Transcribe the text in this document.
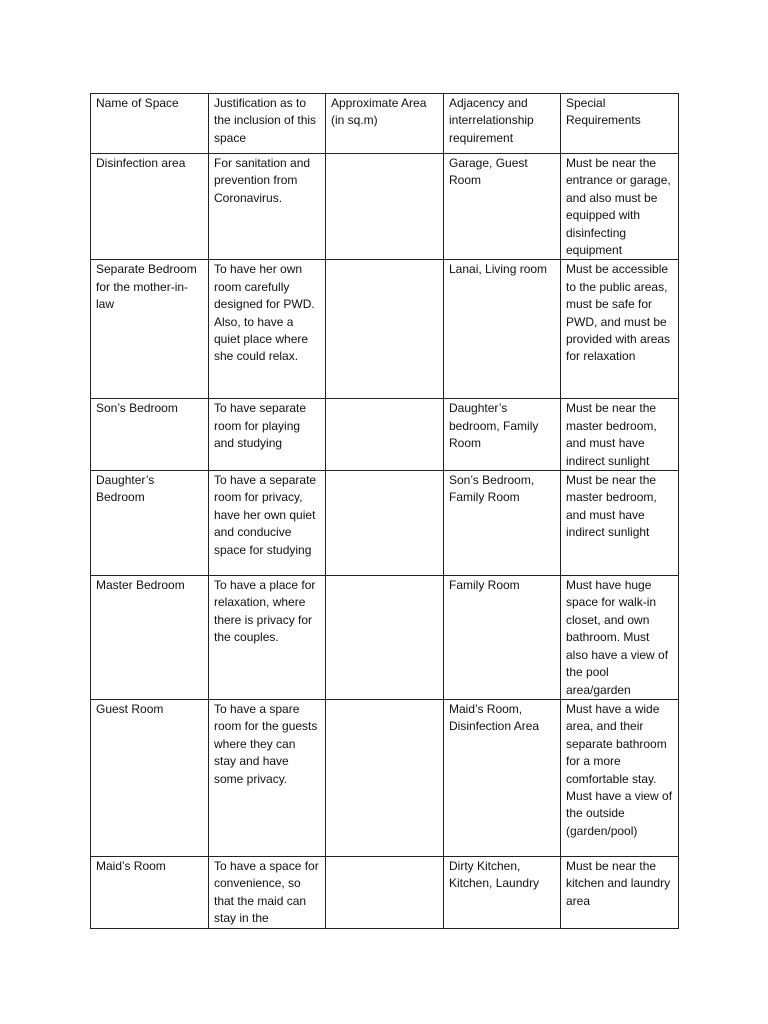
Name of Space	Justification as to the inclusion of this space	Approximate Area (in sq.m)	Adjacency and interrelationship requirement	Special Requirements
Disinfection area	For sanitation and prevention from Coronavirus.		Garage, Guest Room	Must be near the entrance or garage, and also must be equipped with disinfecting equipment
Separate Bedroom for the mother-in-law	To have her own room carefully designed for PWD. Also, to have a quiet place where she could relax.		Lanai, Living room	Must be accessible to the public areas, must be safe for PWD, and must be provided with areas for relaxation
Son’s Bedroom	To have separate room for playing and studying		Daughter’s bedroom, Family Room	Must be near the master bedroom, and must have indirect sunlight
Daughter’s Bedroom	To have a separate room for privacy, have her own quiet and conducive space for studying		Son’s Bedroom, Family Room	Must be near the master bedroom, and must have indirect sunlight
Master Bedroom	To have a place for relaxation, where there is privacy for the couples.		Family Room	Must have huge space for walk-in closet, and own bathroom. Must also have a view of the pool area/garden
Guest Room	To have a spare room for the guests where they can stay and have some privacy.		Maid’s Room, Disinfection Area	Must have a wide area, and their separate bathroom for a more comfortable stay. Must have a view of the outside (garden/pool)
Maid’s Room	To have a space for convenience, so that the maid can stay in the		Dirty Kitchen, Kitchen, Laundry	Must be near the kitchen and laundry area
